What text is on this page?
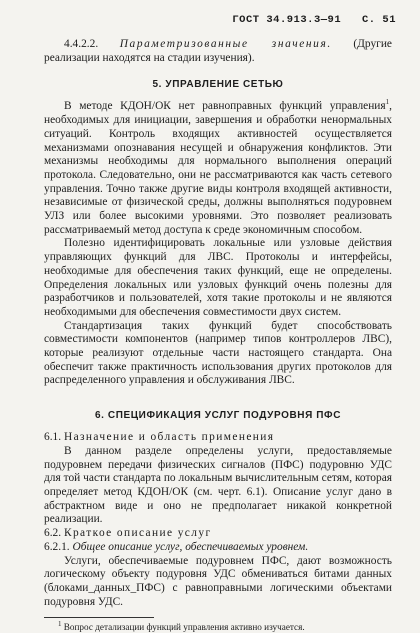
ГОСТ 34.913.3—91 С. 51

4.4.2.2. Параметризованные значения. (Другие реализации находятся на стадии изучения).

5. УПРАВЛЕНИЕ СЕТЬЮ

В методе КДОН/ОК нет равноправных функций управления$^1$, необходимых для инициации, завершения и обработки ненормальных ситуаций. Контроль входящих активностей осуществляется механизмами опознавания несущей и обнаружения конфликтов. Эти механизмы необходимы для нормального выполнения операций протокола. Следовательно, они не рассматриваются как часть сетевого управления. Точно также другие виды контроля входящей активности, независимые от физической среды, должны выполняться подуровнем УЛЗ или более высокими уровнями. Это позволяет реализовать рассматриваемый метод доступа к среде экономичным способом.

Полезно идентифицировать локальные или узловые действия управляющих функций для ЛВС. Протоколы и интерфейсы, необходимые для обеспечения таких функций, еще не определены. Определения локальных или узловых функций очень полезны для разработчиков и пользователей, хотя такие протоколы и не являются необходимыми для обеспечения совместимости двух систем.

Стандартизация таких функций будет способствовать совместимости компонентов (например типов контроллеров ЛВС), которые реализуют отдельные части настоящего стандарта. Она обеспечит также практичность использования других протоколов для распределенного управления и обслуживания ЛВС.

6. СПЕЦИФИКАЦИЯ УСЛУГ ПОДУРОВНЯ ПФС

6.1. Назначение и область применения

В данном разделе определены услуги, предоставляемые подуровнем передачи физических сигналов (ПФС) подуровню УДС для той части стандарта по локальным вычислительным сетям, которая определяет метод КДОН/ОК (см. черт. 6.1). Описание услуг дано в абстрактном виде и оно не предполагает никакой конкретной реализации.

6.2. Краткое описание услуг

6.2.1. Общее описание услуг, обеспечиваемых уровнем.

Услуги, обеспечиваемые подуровнем ПФС, дают возможность логическому объекту подуровня УДС обмениваться битами данных (блоками_данных_ПФС) с равноправными логическими объектами подуровня УДС.

$^1$ Вопрос детализации функций управления активно изучается.
